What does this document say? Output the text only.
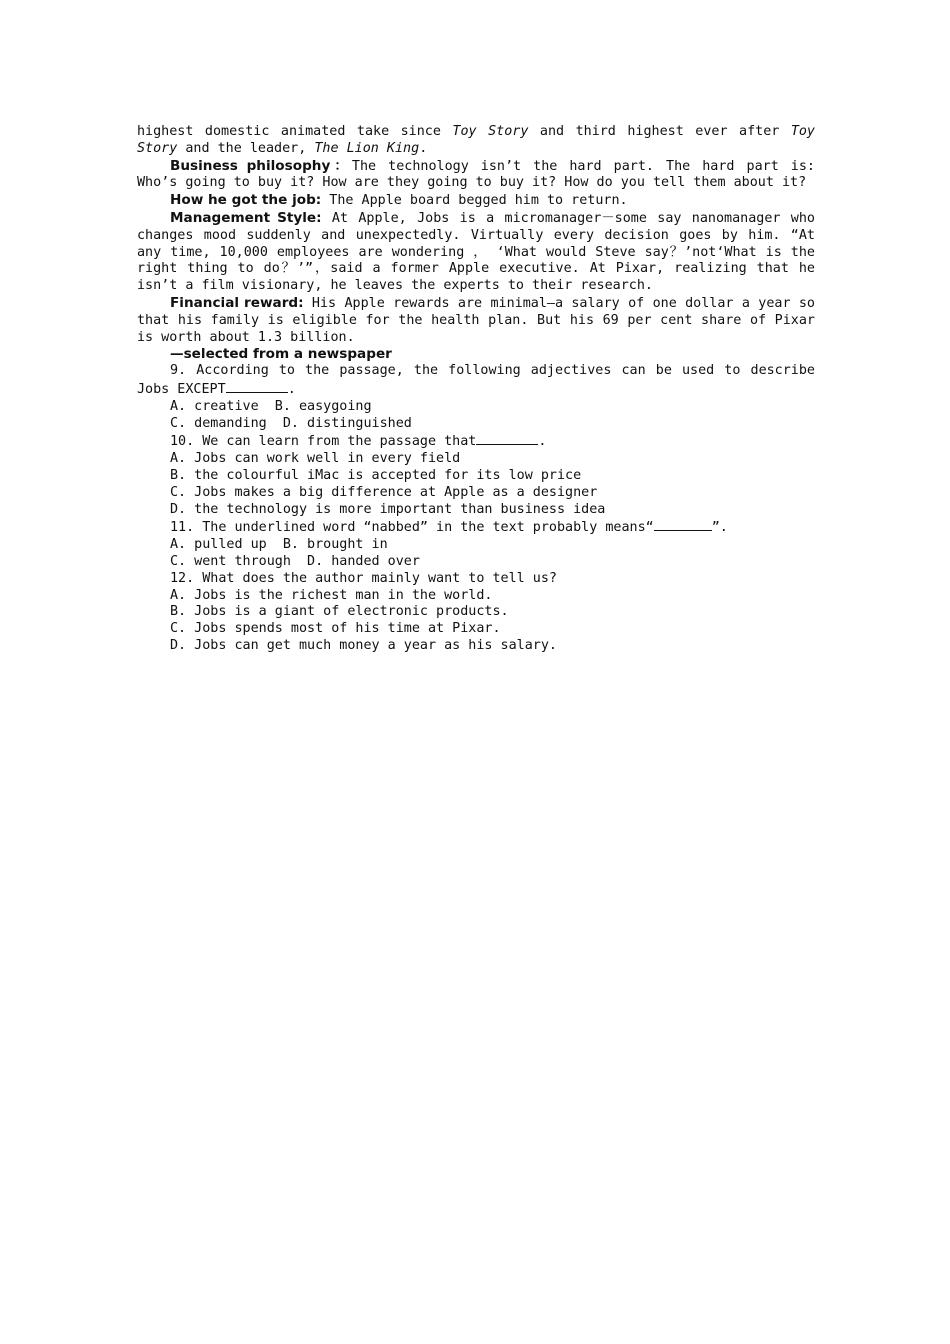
highest domestic animated take since Toy Story and third highest ever after Toy Story and the leader, The Lion King.

Business philosophy：The technology isn’t the hard part. The hard part is: Who’s going to buy it? How are they going to buy it? How do you tell them about it?

How he got the job: The Apple board begged him to return.

Management Style: At Apple, Jobs is a micromanager－some say nanomanager who changes mood suddenly and unexpectedly. Virtually every decision goes by him. “At any time, 10,000 employees are wondering ， ‘What would Steve say？’not‘What is the right thing to do？’”，said a former Apple executive. At Pixar, realizing that he isn’t a film visionary, he leaves the experts to their research.

Financial reward: His Apple rewards are minimal—a salary of one dollar a year so that his family is eligible for the health plan. But his 69 per cent share of Pixar is worth about 1.3 billion.

—selected from a newspaper

9. According to the passage, the following adjectives can be used to describe Jobs EXCEPT	.

A. creative  B. easygoing

C. demanding  D. distinguished

10. We can learn from the passage that	.

A. Jobs can work well in every field

B. the colourful iMac is accepted for its low price

C. Jobs makes a big difference at Apple as a designer

D. the technology is more important than business idea

11. The underlined word “nabbed” in the text probably means“	”.

A. pulled up  B. brought in

C. went through  D. handed over

12. What does the author mainly want to tell us?

A. Jobs is the richest man in the world.

B. Jobs is a giant of electronic products.

C. Jobs spends most of his time at Pixar.

D. Jobs can get much money a year as his salary.
